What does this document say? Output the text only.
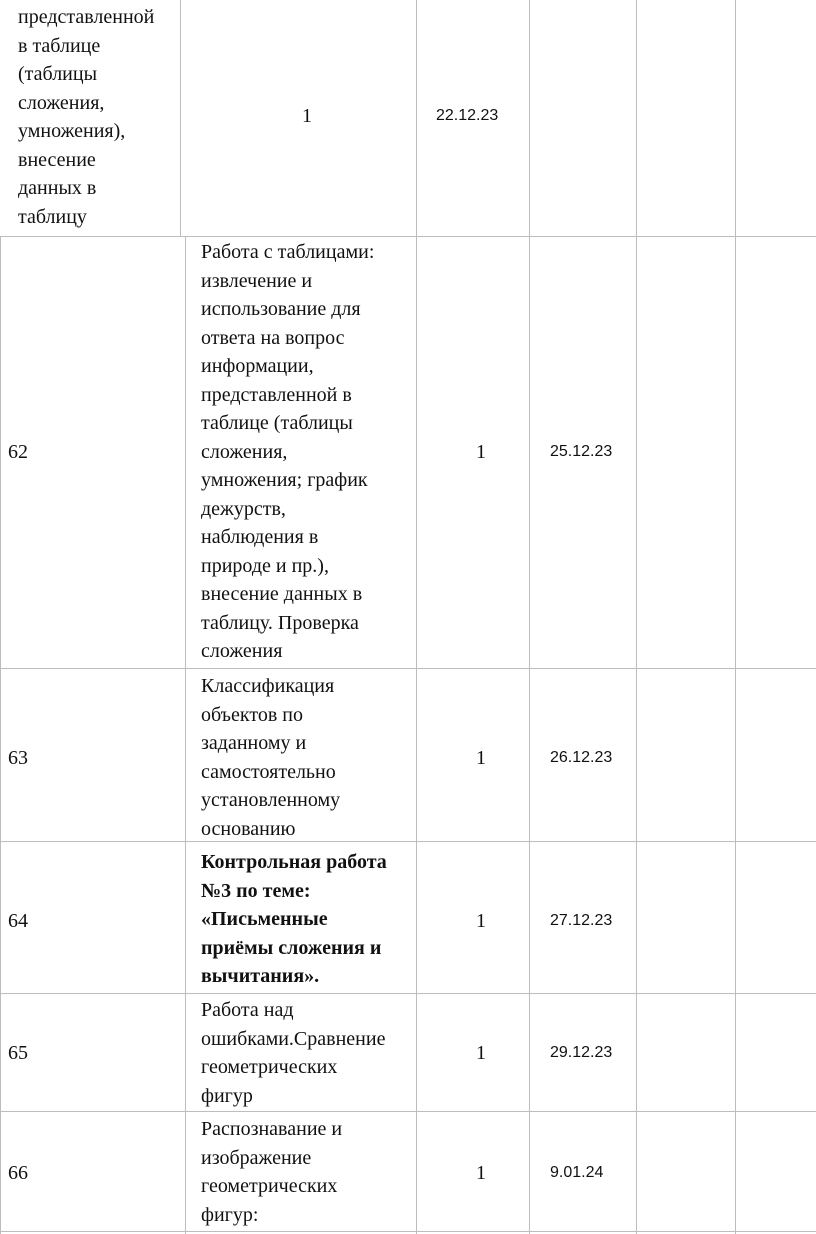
представленной
в таблице
(таблицы
сложения,
умножения),
внесение
данных в
таблицу
1	22.12.23
62
Работа с таблицами:
извлечение и
использование для
ответа на вопрос
информации,
представленной в
таблице (таблицы
сложения,
умножения; график
дежурств,
наблюдения в
природе и пр.),
внесение данных в
таблицу. Проверка
сложения
1	25.12.23
63
Классификация
объектов по
заданному и
самостоятельно
установленному
основанию
1	26.12.23
64
Контрольная работа
№3 по теме:
«Письменные
приёмы сложения и
вычитания».
1	27.12.23
65
Работа над
ошибками.Сравнение
геометрических
фигур
1	29.12.23
66
Распознавание и
изображение
геометрических
фигур:
1	9.01.24
